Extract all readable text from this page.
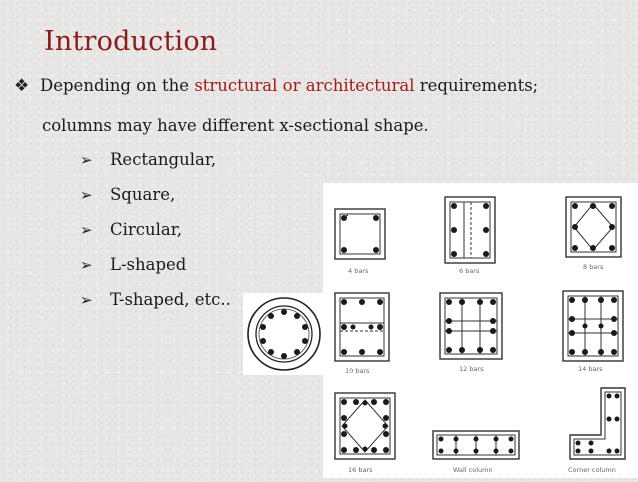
Introduction
❖ Depending on the structural or architectural requirements;
columns may have different x-sectional shape.
➢	Rectangular,
➢	Square,
➢	Circular,
➢	L-shaped
➢	T-shaped, etc..
4 bars	6 bars	8 bars
10 bars	12 bars	14 bars
16 bars	Wall column	Corner column
